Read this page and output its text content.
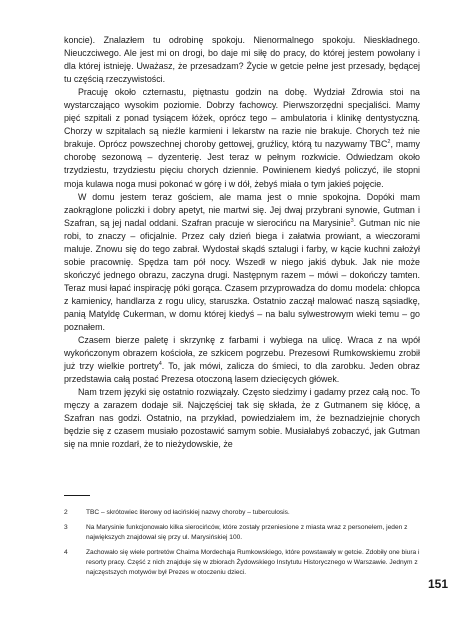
koncie). Znalazłem tu odrobinę spokoju. Nienormalnego spokoju. Nieskładnego. Nieuczciwego. Ale jest mi on drogi, bo daje mi siłę do pracy, do której jestem powołany i dla której istnieję. Uważasz, że przesadzam? Życie w getcie pełne jest przesady, będącej tu częścią rzeczywistości.

Pracuję około czternastu, piętnastu godzin na dobę. Wydział Zdrowia stoi na wystarczająco wysokim poziomie. Dobrzy fachowcy. Pierwszorzędni specjaliści. Mamy pięć szpitali z ponad tysiącem łóżek, oprócz tego – ambulatoria i klinikę dentystyczną. Chorzy w szpitalach są nieźle karmieni i lekarstw na razie nie brakuje. Chorych też nie brakuje. Oprócz powszechnej choroby gettowej, gruźlicy, którą tu nazywamy TBC$^2$, mamy chorobę sezonową – dyzenterię. Jest teraz w pełnym rozkwicie. Odwiedzam około trzydziestu, trzydziestu pięciu chorych dziennie. Powinienem kiedyś policzyć, ile stopni moja kulawa noga musi pokonać w górę i w dół, żebyś miała o tym jakieś pojęcie.

W domu jestem teraz gościem, ale mama jest o mnie spokojna. Dopóki mam zaokrąglone policzki i dobry apetyt, nie martwi się. Jej dwaj przybrani synowie, Gutman i Szafran, są jej nadal oddani. Szafran pracuje w sierocińcu na Marysinie$^3$. Gutman nic nie robi, to znaczy – oficjalnie. Przez cały dzień biega i załatwia prowiant, a wieczorami maluje. Znowu się do tego zabrał. Wydostał skądś sztalugi i farby, w kącie kuchni założył sobie pracownię. Spędza tam pół nocy. Wszedł w niego jakiś dybuk. Jak nie może skończyć jednego obrazu, zaczyna drugi. Następnym razem – mówi – dokończy tamten. Teraz musi łapać inspirację póki gorąca. Czasem przyprowadza do domu modela: chłopca z kamienicy, handlarza z rogu ulicy, staruszka. Ostatnio zaczął malować naszą sąsiadkę, panią Matyldę Cukerman, w domu której kiedyś – na balu sylwestrowym wieki temu – go poznałem.

Czasem bierze paletę i skrzynkę z farbami i wybiega na ulicę. Wraca z na wpół wykończonym obrazem kościoła, ze szkicem pogrzebu. Prezesowi Rumkowskiemu zrobił już trzy wielkie portrety$^4$. To, jak mówi, zalicza do śmieci, to dla zarobku. Jeden obraz przedstawia całą postać Prezesa otoczoną lasem dziecięcych główek.

Nam trzem języki się ostatnio rozwiązały. Często siedzimy i gadamy przez całą noc. To męczy a zarazem dodaje sił. Najczęściej tak się składa, że z Gutmanem się kłócę, a Szafran nas godzi. Ostatnio, na przykład, powiedziałem im, że beznadziejnie chorych będzie się z czasem musiało pozostawić samym sobie. Musiałabyś zobaczyć, jak Gutman się na mnie rozdarł, że to nieżydowskie, że

2	TBC – skrótowiec literowy od łacińskiej nazwy choroby – tuberculosis.
3	Na Marysinie funkcjonowało kilka sierocińców, które zostały przeniesione z miasta wraz z personelem, jeden z największych znajdował się przy ul. Marysińskiej 100.
4	Zachowało się wiele portretów Chaima Mordechaja Rumkowskiego, które powstawały w getcie. Zdobiły one biura i resorty pracy. Część z nich znajduje się w zbiorach Żydowskiego Instytutu Historycznego w Warszawie. Jednym z najczęstszych motywów był Prezes w otoczeniu dzieci.
151
